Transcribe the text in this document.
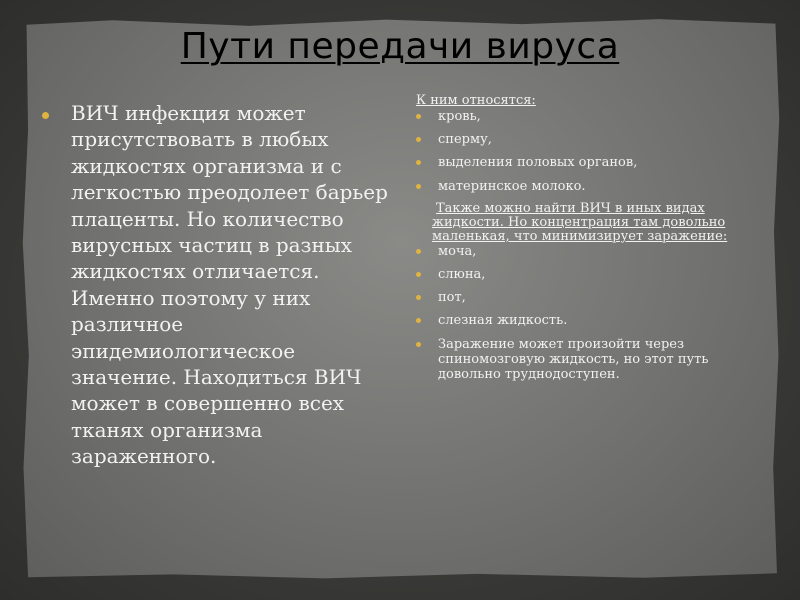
Пути передачи вируса

ВИЧ инфекция может присутствовать в любых жидкостях организма и с легкостью преодолеет барьер плаценты. Но количество вирусных частиц в разных жидкостях отличается. Именно поэтому у них различное эпидемиологическое значение. Находиться ВИЧ может в совершенно всех тканях организма зараженного.

К ним относятся:
кровь,
сперму,
выделения половых органов,
материнское молоко.

Также можно найти ВИЧ в иных видах жидкости. Но концентрация там довольно маленькая, что минимизирует заражение:

моча,
слюна,
пот,
слезная жидкость.
Заражение может произойти через спиномозговую жидкость, но этот путь довольно труднодоступен.
